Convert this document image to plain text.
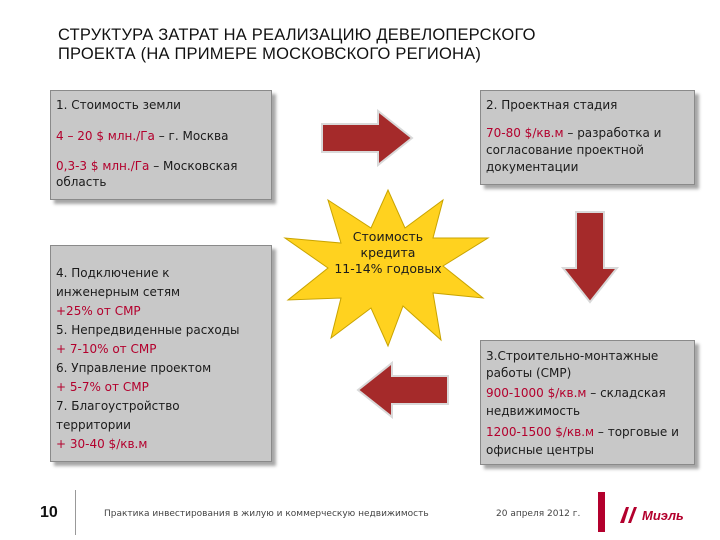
СТРУКТУРА ЗАТРАТ НА РЕАЛИЗАЦИЮ ДЕВЕЛОПЕРСКОГО
ПРОЕКТА (НА ПРИМЕРЕ МОСКОВСКОГО РЕГИОНА)
1. Стоимость земли
4 – 20 $ млн./Га – г. Москва
0,3-3 $ млн./Га – Московская
область
2. Проектная стадия
70-80 $/кв.м – разработка и
согласование проектной
документации
3.Строительно-монтажные
работы (СМР)
900-1000 $/кв.м – складская
недвижимость
1200-1500 $/кв.м – торговые и
офисные центры
4. Подключение к
инженерным сетям
+25% от СМР
5. Непредвиденные расходы
+ 7-10% от СМР
6. Управление проектом
+ 5-7% от СМР
7. Благоустройство
территории
+ 30-40 $/кв.м
Стоимость
кредита
11-14% годовых
10	Практика инвестирования в жилую и коммерческую недвижимость	20 апреля 2012 г.	Миэль
